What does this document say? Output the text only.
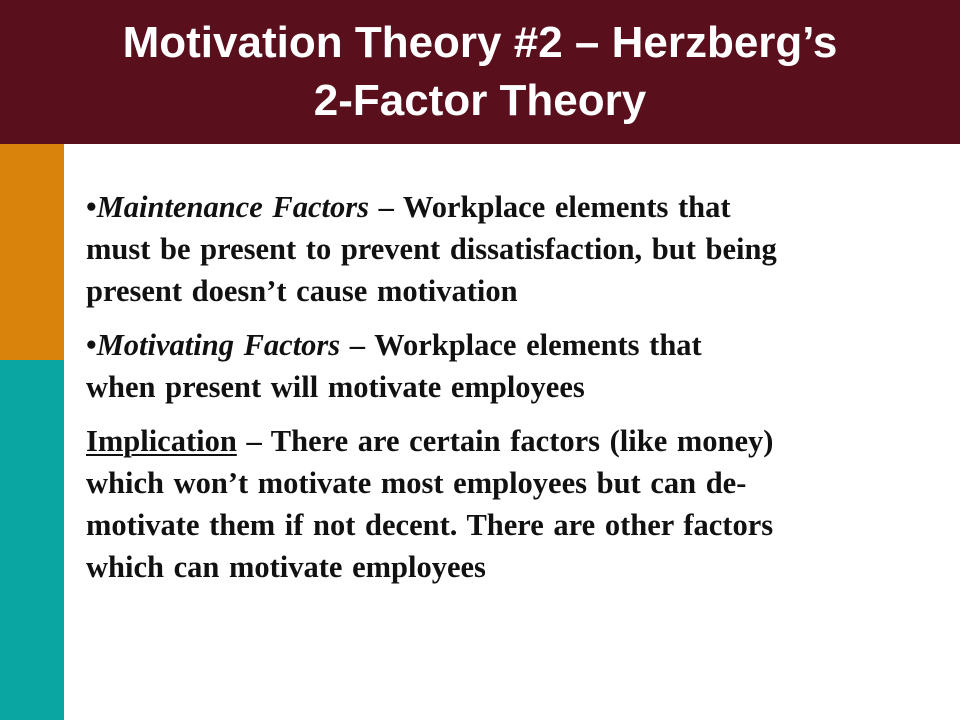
Motivation Theory #2 – Herzberg’s
2-Factor Theory

•Maintenance Factors – Workplace elements that
must be present to prevent dissatisfaction, but being
present doesn’t cause motivation

•Motivating Factors – Workplace elements that
when present will motivate employees

Implication – There are certain factors (like money)
which won’t motivate most employees but can de-
motivate them if not decent. There are other factors
which can motivate employees
